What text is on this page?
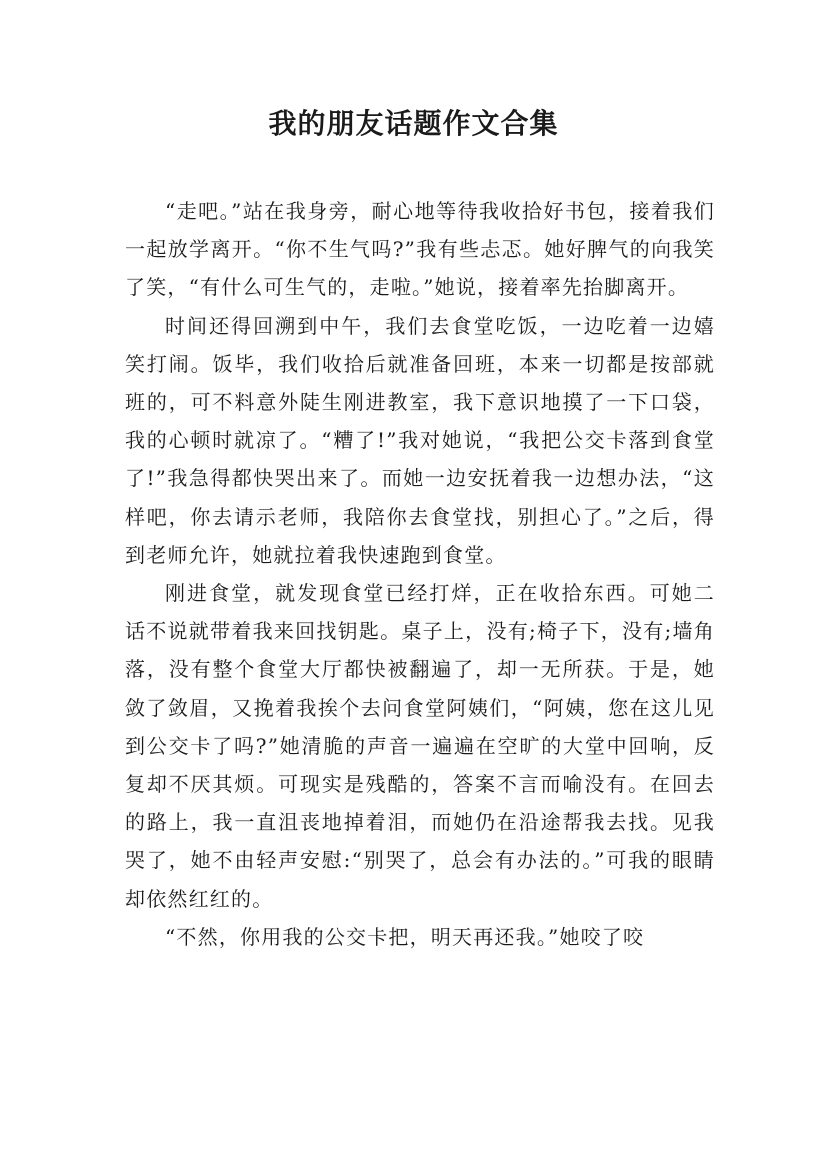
我的朋友话题作文合集

“走吧。”站在我身旁，耐心地等待我收拾好书包，接着我们一起放学离开。“你不生气吗?”我有些忐忑。她好脾气的向我笑了笑，“有什么可生气的，走啦。”她说，接着率先抬脚离开。

时间还得回溯到中午，我们去食堂吃饭，一边吃着一边嬉笑打闹。饭毕，我们收拾后就准备回班，本来一切都是按部就班的，可不料意外陡生刚进教室，我下意识地摸了一下口袋，我的心顿时就凉了。“糟了!”我对她说，“我把公交卡落到食堂了!”我急得都快哭出来了。而她一边安抚着我一边想办法，“这样吧，你去请示老师，我陪你去食堂找，别担心了。”之后，得到老师允许，她就拉着我快速跑到食堂。

刚进食堂，就发现食堂已经打烊，正在收拾东西。可她二话不说就带着我来回找钥匙。桌子上，没有;椅子下，没有;墙角落，没有整个食堂大厅都快被翻遍了，却一无所获。于是，她敛了敛眉，又挽着我挨个去问食堂阿姨们，“阿姨，您在这儿见到公交卡了吗?”她清脆的声音一遍遍在空旷的大堂中回响，反复却不厌其烦。可现实是残酷的，答案不言而喻没有。在回去的路上，我一直沮丧地掉着泪，而她仍在沿途帮我去找。见我哭了，她不由轻声安慰:“别哭了，总会有办法的。”可我的眼睛却依然红红的。

“不然，你用我的公交卡把，明天再还我。”她咬了咬
